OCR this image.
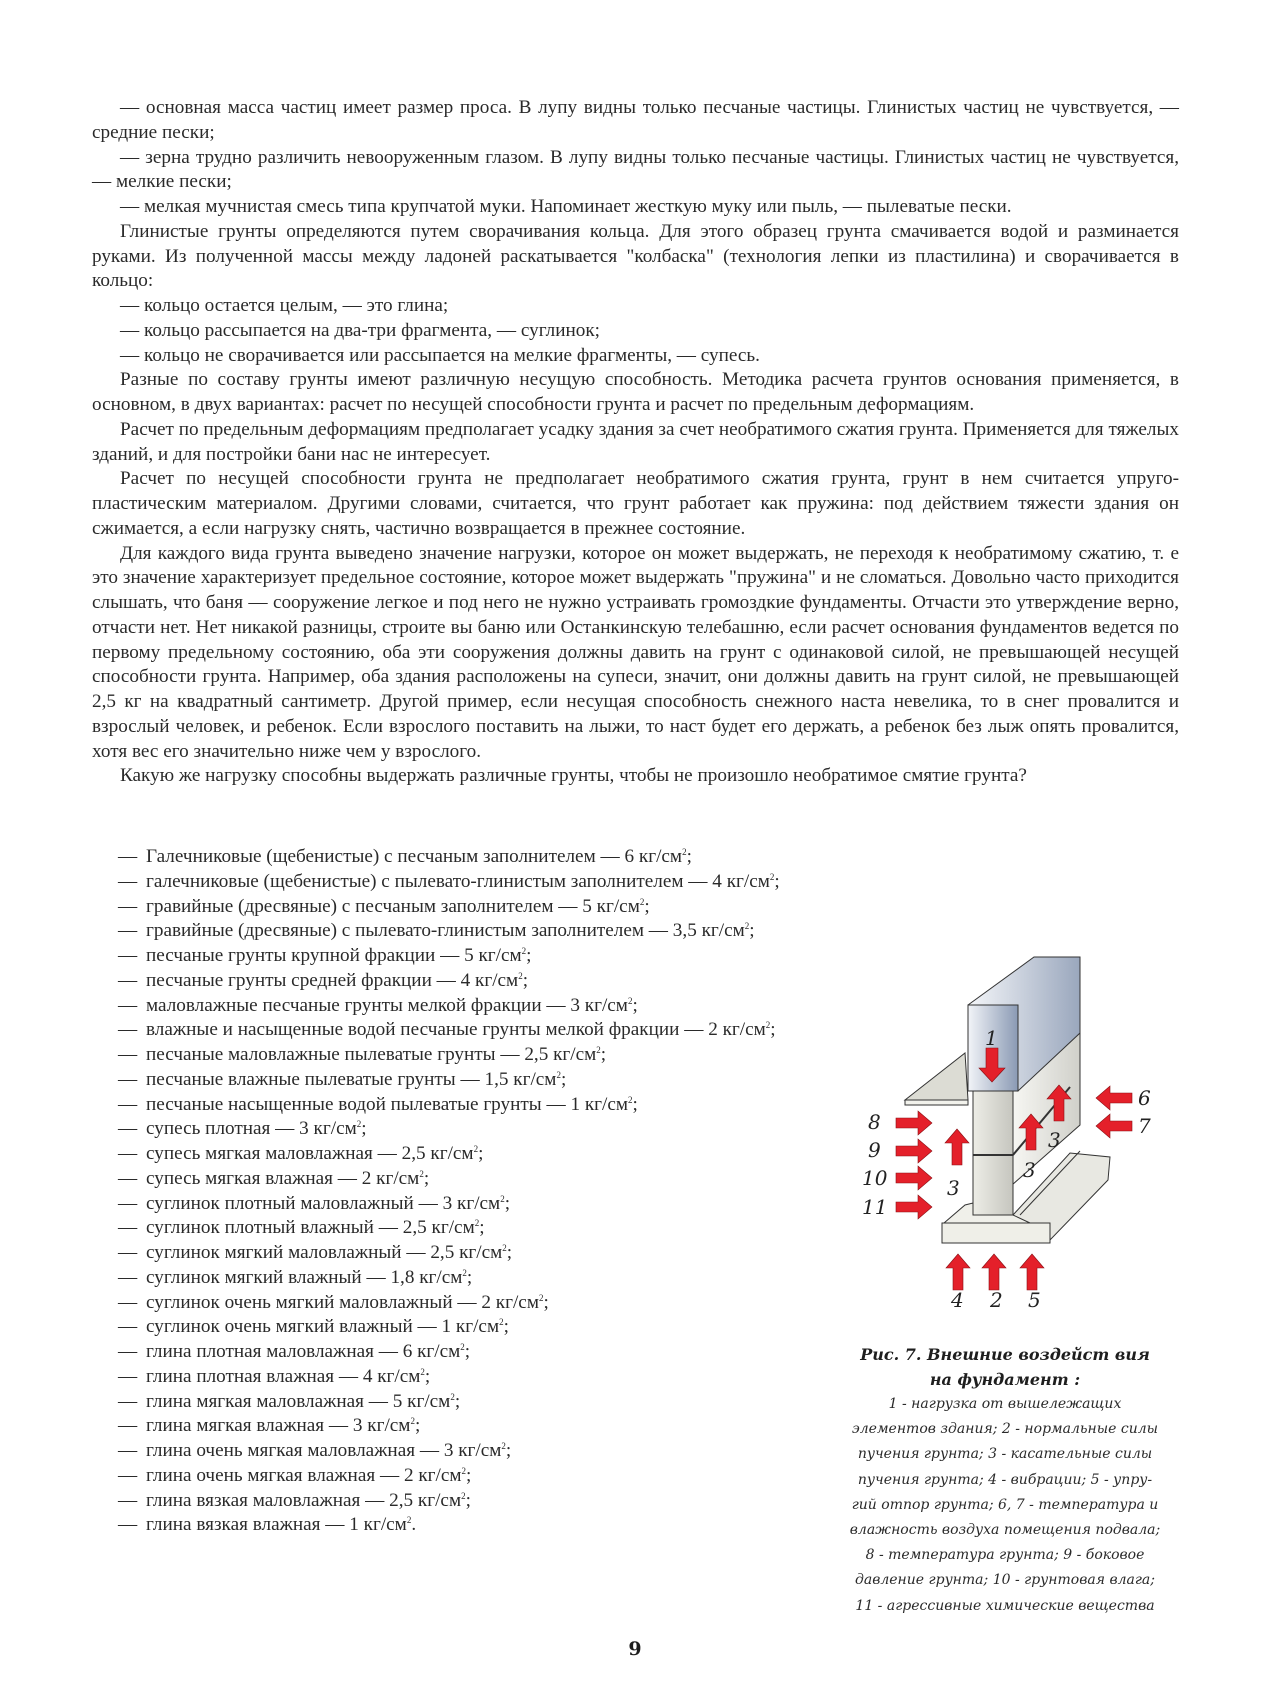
— основная масса частиц имеет размер проса. В лупу видны только песчаные частицы. Глинистых частиц не чувствуется, — средние пески;

— зерна трудно различить невооруженным глазом. В лупу видны только песчаные частицы. Глинистых частиц не чувствуется, — мелкие пески;

— мелкая мучнистая смесь типа крупчатой муки. Напоминает жесткую муку или пыль, — пылеватые пески.

Глинистые грунты определяются путем сворачивания кольца. Для этого образец грунта смачивается водой и разминается руками. Из полученной массы между ладоней раскатывается "колбаска" (технология лепки из пластилина) и сворачивается в кольцо:

— кольцо остается целым, — это глина;

— кольцо рассыпается на два-три фрагмента, — суглинок;

— кольцо не сворачивается или рассыпается на мелкие фрагменты, — супесь.

Разные по составу грунты имеют различную несущую способность. Методика расчета грунтов основания применяется, в основном, в двух вариантах: расчет по несущей способности грунта и расчет по предельным деформациям.

Расчет по предельным деформациям предполагает усадку здания за счет необратимого сжатия грунта. Применяется для тяжелых зданий, и для постройки бани нас не интересует.

Расчет по несущей способности грунта не предполагает необратимого сжатия грунта, грунт в нем считается упруго-пластическим материалом. Другими словами, считается, что грунт работает как пружина: под действием тяжести здания он сжимается, а если нагрузку снять, частично возвращается в прежнее состояние.

Для каждого вида грунта выведено значение нагрузки, которое он может выдержать, не переходя к необратимому сжатию, т. е это значение характеризует предельное состояние, которое может выдержать "пружина" и не сломаться. Довольно часто приходится слышать, что баня — сооружение легкое и под него не нужно устраивать громоздкие фундаменты. Отчасти это утверждение верно, отчасти нет. Нет никакой разницы, строите вы баню или Останкинскую телебашню, если расчет основания фундаментов ведется по первому предельному состоянию, оба эти сооружения должны давить на грунт с одинаковой силой, не превышающей несущей способности грунта. Например, оба здания расположены на супеси, значит, они должны давить на грунт силой, не превышающей 2,5 кг на квадратный сантиметр. Другой пример, если несущая способность снежного наста невелика, то в снег провалится и взрослый человек, и ребенок. Если взрослого поставить на лыжи, то наст будет его держать, а ребенок без лыж опять провалится, хотя вес его значительно ниже чем у взрослого.

Какую же нагрузку способны выдержать различные грунты, чтобы не произошло необратимое смятие грунта?

— Галечниковые (щебенистые) с песчаным заполнителем — 6 $кг/см^2$;

— галечниковые (щебенистые) с пылевато-глинистым заполнителем — 4 $кг/см^2$;

— гравийные (дресвяные) с песчаным заполнителем — 5 $кг/см^2$;

— гравийные (дресвяные) с пылевато-глинистым заполнителем — 3,5 $кг/см^2$;

— песчаные грунты крупной фракции — 5 $кг/см^2$;

— песчаные грунты средней фракции — 4 $кг/см^2$;

— маловлажные песчаные грунты мелкой фракции — 3 $кг/см^2$;

— влажные и насыщенные водой песчаные грунты мелкой фракции — 2 $кг/см^2$;

— песчаные маловлажные пылеватые грунты — 2,5 $кг/см^2$;

— песчаные влажные пылеватые грунты — 1,5 $кг/см^2$;

— песчаные насыщенные водой пылеватые грунты — 1 $кг/см^2$;

— супесь плотная — 3 $кг/см^2$;

— супесь мягкая маловлажная — 2,5 $кг/см^2$;

— супесь мягкая влажная — 2 $кг/см^2$;

— суглинок плотный маловлажный — 3 $кг/см^2$;

— суглинок плотный влажный — 2,5 $кг/см^2$;

— суглинок мягкий маловлажный — 2,5 $кг/см^2$;

— суглинок мягкий влажный — 1,8 $кг/см^2$;

— суглинок очень мягкий маловлажный — 2 $кг/см^2$;

— суглинок очень мягкий влажный — 1 $кг/см^2$;

— глина плотная маловлажная — 6 $кг/см^2$;

— глина плотная влажная — 4 $кг/см^2$;

— глина мягкая маловлажная — 5 $кг/см^2$;

— глина мягкая влажная — 3 $кг/см^2$;

— глина очень мягкая маловлажная — 3 $кг/см^2$;

— глина очень мягкая влажная — 2 $кг/см^2$;

— глина вязкая маловлажная — 2,5 $кг/см^2$;

— глина вязкая влажная — 1 $кг/см^2$.

1
2
3
3
3
4	5
6
7
8
9
10
11
Рис. 7. Внешние воздейст вия
на фундамент :
1 - нагрузка от вышележащих
элементов здания; 2 - нормальные силы
пучения грунта; 3 - касательные силы
пучения грунта; 4 - вибрации; 5 - упру-
гий отпор грунта; 6, 7 - температура и
влажность воздуха помещения подвала;
8 - температура грунта; 9 - боковое
давление грунта; 10 - грунтовая влага;
11 - агрессивные химические вещества
9
